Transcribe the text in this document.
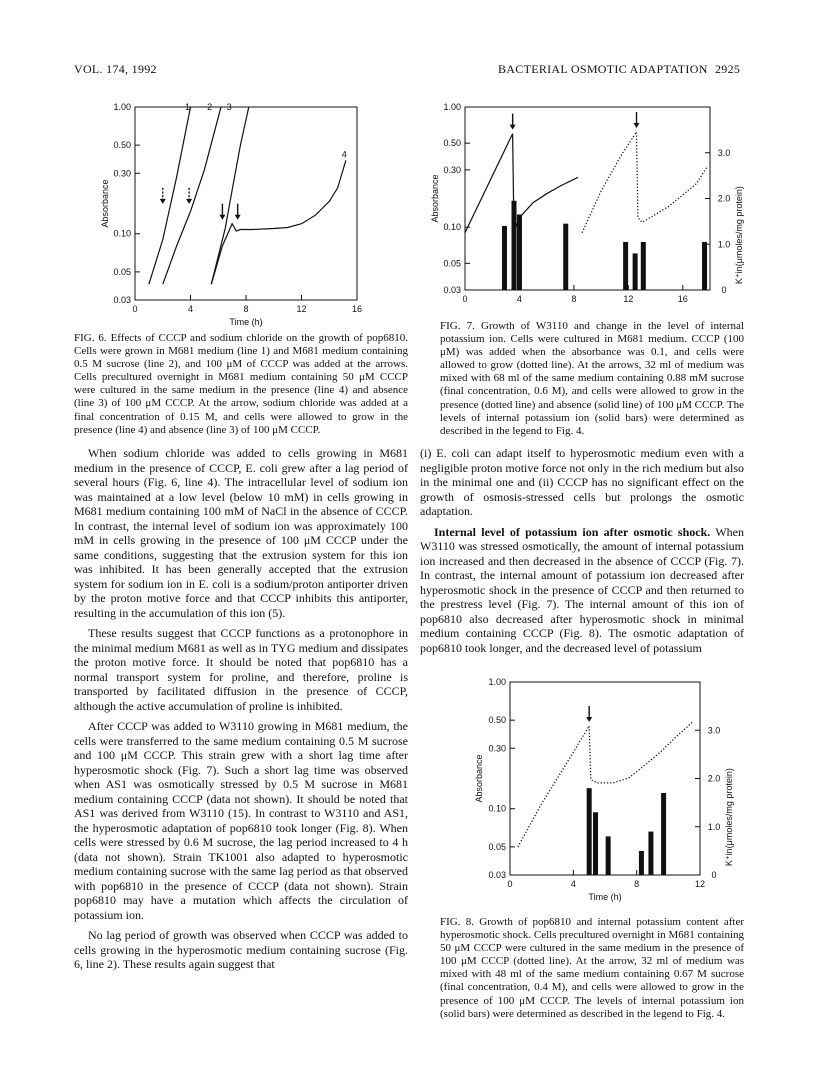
VOL. 174, 1992	BACTERIAL OSMOTIC ADAPTATION 2925
0.03
0.05
0.10
0.30
0.50
1.00
0	4	8	12	16
Absorbance
Time (h)
1 2 3
4
0.03
0.05
0.10
0.30
0.50
1.00
0	4	8	12	16
Absorbance
0
1.0
2.0
3.0
K⁺in(μmoles/mg protein)
0.03
0.05
0.10
0.30
0.50
1.00
0	4	8	12
Absorbance
Time (h)
0
1.0
2.0
3.0
K⁺in(μmoles/mg protein)
FIG. 6. Effects of CCCP and sodium chloride on the growth of pop6810. Cells were grown in M681 medium (line 1) and M681 medium containing 0.5 M sucrose (line 2), and 100 μM of CCCP was added at the arrows. Cells precultured overnight in M681 medium containing 50 μM CCCP were cultured in the same medium in the presence (line 4) and absence (line 3) of 100 μM CCCP. At the arrow, sodium chloride was added at a final concentration of 0.15 M, and cells were allowed to grow in the presence (line 4) and absence (line 3) of 100 μM CCCP.
FIG. 7. Growth of W3110 and change in the level of internal potassium ion. Cells were cultured in M681 medium. CCCP (100 μM) was added when the absorbance was 0.1, and cells were allowed to grow (dotted line). At the arrows, 32 ml of medium was mixed with 68 ml of the same medium containing 0.88 mM sucrose (final concentration, 0.6 M), and cells were allowed to grow in the presence (dotted line) and absence (solid line) of 100 μM CCCP. The levels of internal potassium ion (solid bars) were determined as described in the legend to Fig. 4.
FIG. 8. Growth of pop6810 and internal potassium content after hyperosmotic shock. Cells precultured overnight in M681 containing 50 μM CCCP were cultured in the same medium in the presence of 100 μM CCCP (dotted line). At the arrow, 32 ml of medium was mixed with 48 ml of the same medium containing 0.67 M sucrose (final concentration, 0.4 M), and cells were allowed to grow in the presence of 100 μM CCCP. The levels of internal potassium ion (solid bars) were determined as described in the legend to Fig. 4.

When sodium chloride was added to cells growing in M681 medium in the presence of CCCP, E. coli grew after a lag period of several hours (Fig. 6, line 4). The intracellular level of sodium ion was maintained at a low level (below 10 mM) in cells growing in M681 medium containing 100 mM of NaCl in the absence of CCCP. In contrast, the internal level of sodium ion was approximately 100 mM in cells growing in the presence of 100 μM CCCP under the same conditions, suggesting that the extrusion system for this ion was inhibited. It has been generally accepted that the extrusion system for sodium ion in E. coli is a sodium/proton antiporter driven by the proton motive force and that CCCP inhibits this antiporter, resulting in the accumulation of this ion (5).

These results suggest that CCCP functions as a protonophore in the minimal medium M681 as well as in TYG medium and dissipates the proton motive force. It should be noted that pop6810 has a normal transport system for proline, and therefore, proline is transported by facilitated diffusion in the presence of CCCP, although the active accumulation of proline is inhibited.

After CCCP was added to W3110 growing in M681 medium, the cells were transferred to the same medium containing 0.5 M sucrose and 100 μM CCCP. This strain grew with a short lag time after hyperosmotic shock (Fig. 7). Such a short lag time was observed when AS1 was osmotically stressed by 0.5 M sucrose in M681 medium containing CCCP (data not shown). It should be noted that AS1 was derived from W3110 (15). In contrast to W3110 and AS1, the hyperosmotic adaptation of pop6810 took longer (Fig. 8). When cells were stressed by 0.6 M sucrose, the lag period increased to 4 h (data not shown). Strain TK1001 also adapted to hyperosmotic medium containing sucrose with the same lag period as that observed with pop6810 in the presence of CCCP (data not shown). Strain pop6810 may have a mutation which affects the circulation of potassium ion.

No lag period of growth was observed when CCCP was added to cells growing in the hyperosmotic medium containing sucrose (Fig. 6, line 2). These results again suggest that

(i) E. coli can adapt itself to hyperosmotic medium even with a negligible proton motive force not only in the rich medium but also in the minimal one and (ii) CCCP has no significant effect on the growth of osmosis-stressed cells but prolongs the osmotic adaptation.

Internal level of potassium ion after osmotic shock. When W3110 was stressed osmotically, the amount of internal potassium ion increased and then decreased in the absence of CCCP (Fig. 7). In contrast, the internal amount of potassium ion decreased after hyperosmotic shock in the presence of CCCP and then returned to the prestress level (Fig. 7). The internal amount of this ion of pop6810 also decreased after hyperosmotic shock in minimal medium containing CCCP (Fig. 8). The osmotic adaptation of pop6810 took longer, and the decreased level of potassium
